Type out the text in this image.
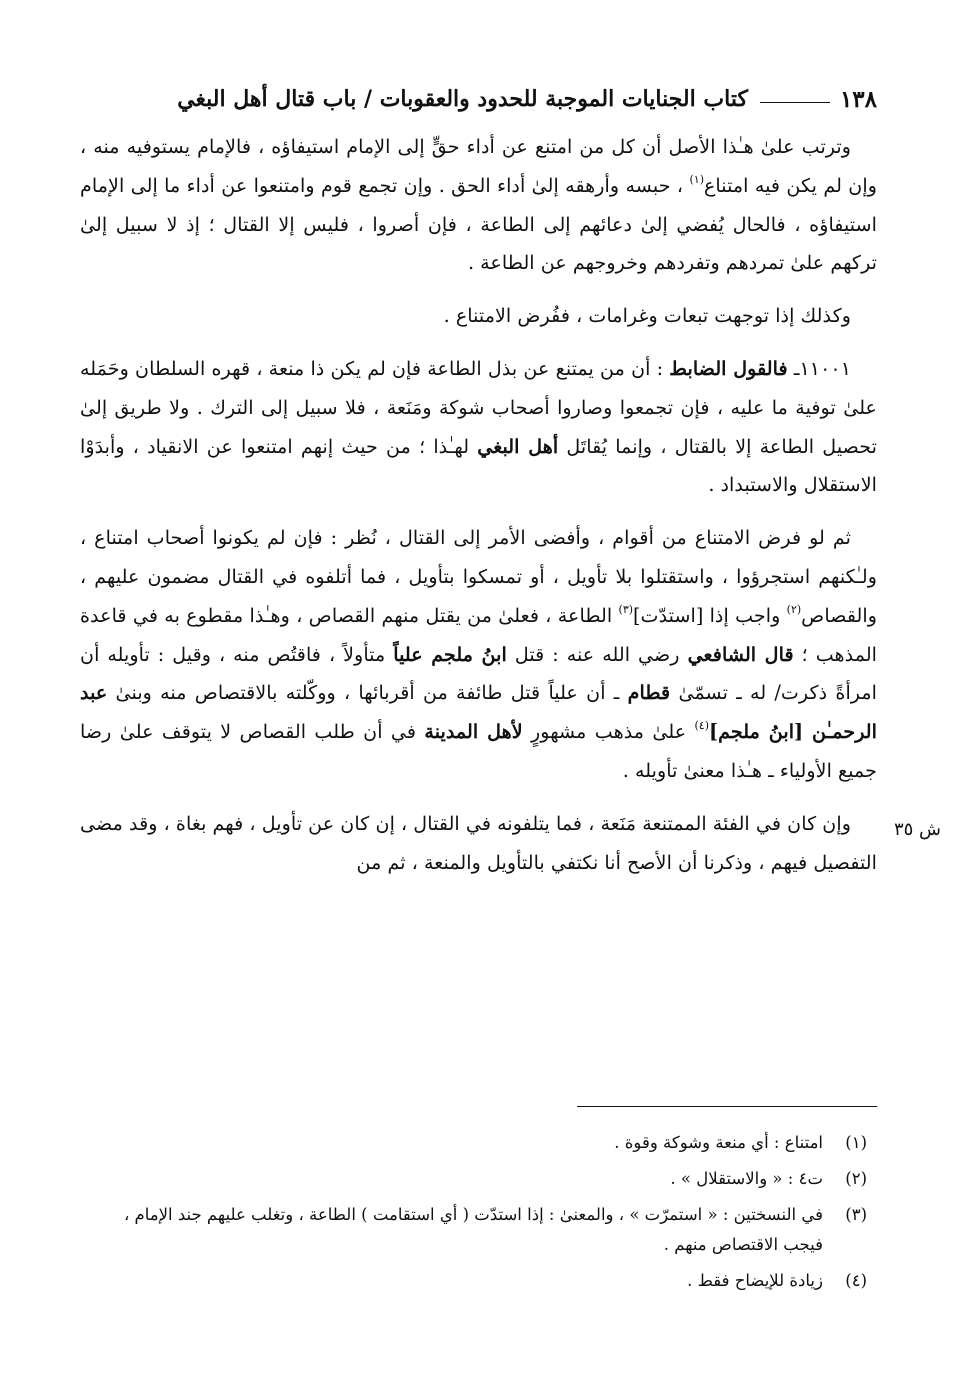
١٣٨
كتاب الجنايات الموجبة للحدود والعقوبات / باب قتال أهل البغي

وترتب علىٰ هـٰذا الأصل أن كل من امتنع عن أداء حقٍّ إلى الإمام استيفاؤه ، فالإمام يستوفيه منه ، وإن لم يكن فيه امتناع$^{(١)}$ ، حبسه وأرهقه إلىٰ أداء الحق . وإن تجمع قوم وامتنعوا عن أداء ما إلى الإمام استيفاؤه ، فالحال يُفضي إلىٰ دعائهم إلى الطاعة ، فإن أصروا ، فليس إلا القتال ؛ إذ لا سبيل إلىٰ تركهم علىٰ تمردهم وتفردهم وخروجهم عن الطاعة .

وكذلك إذا توجهت تبعات وغرامات ، ففُرض الامتناع .

١١٠٠١ـ فالقول الضابط : أن من يمتنع عن بذل الطاعة فإن لم يكن ذا منعة ، قهره السلطان وحَمَله علىٰ توفية ما عليه ، فإن تجمعوا وصاروا أصحاب شوكة ومَنَعة ، فلا سبيل إلى الترك . ولا طريق إلىٰ تحصيل الطاعة إلا بالقتال ، وإنما يُقاتَل أهل البغي لهـٰذا ؛ من حيث إنهم امتنعوا عن الانقياد ، وأبدَوْا الاستقلال والاستبداد .

ثم لو فرض الامتناع من أقوام ، وأفضى الأمر إلى القتال ، نُظر : فإن لم يكونوا أصحاب امتناع ، ولـٰكنهم استجرؤوا ، واستقتلوا بلا تأويل ، أو تمسكوا بتأويل ، فما أتلفوه في القتال مضمون عليهم ، والقصاص$^{(٢)}$ واجب إذا [استدّت]$^{(٣)}$ الطاعة ، فعلىٰ من يقتل منهم القصاص ، وهـٰذا مقطوع به في قاعدة المذهب ؛ قال الشافعي رضي الله عنه : قتل ابنُ ملجم علياً متأولاً ، فاقتُص منه ، وقيل : تأويله أن امرأةً ذكرت/ له ـ تسمّىٰ قطام ـ أن علياً قتل طائفة من أقربائها ، ووكّلته بالاقتصاص منه وبنىٰ عبد الرحمـٰن [ابنُ ملجم]$^{(٤)}$ علىٰ مذهب مشهورٍ لأهل المدينة في أن طلب القصاص لا يتوقف علىٰ رضا جميع الأولياء ـ هـٰذا معنىٰ تأويله .

وإن كان في الفئة الممتنعة مَنَعة ، فما يتلفونه في القتال ، إن كان عن تأويل ، فهم بغاة ، وقد مضى التفصيل فيهم ، وذكرنا أن الأصح أنا نكتفي بالتأويل والمنعة ، ثم من

ش ٣٥
(١)
امتناع : أي منعة وشوكة وقوة .
(٢)
ت٤ : « والاستقلال » .
(٣)
في النسختين : « استمرّت » ، والمعنىٰ : إذا استدّت ( أي استقامت ) الطاعة ، وتغلب عليهم جند الإمام ، فيجب الاقتصاص منهم .
(٤)
زيادة للإيضاح فقط .
